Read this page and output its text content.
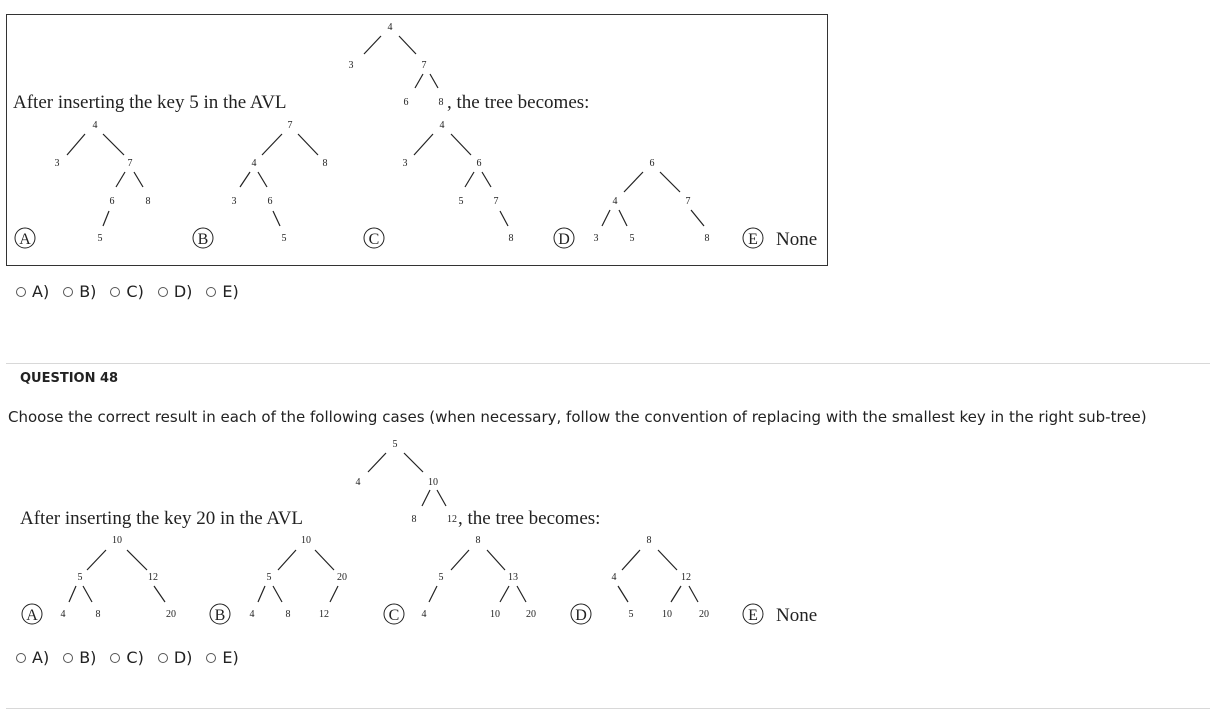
After inserting the key 5 in the AVL	, the tree becomes:
4
3	7
6	8
A
4
3	7
6	8
5	B
7
4	8
3	6
5	C
4
3	6
5	7
8	D
6
4	7
3	5	8 E None
5
4	10
8	12
A
10
5	12
4	8	20 B
10
5	20
4	8	12	C
8
5	13
4	10	20 D
8
4	12
5	10	20 E None
A) B) C) D) E)
QUESTION 48
Choose the correct result in each of the following cases (when necessary, follow the convention of replacing with the smallest key in the right sub-tree)
After inserting the key 20 in the AVL	, the tree becomes:
A) B) C) D) E)
